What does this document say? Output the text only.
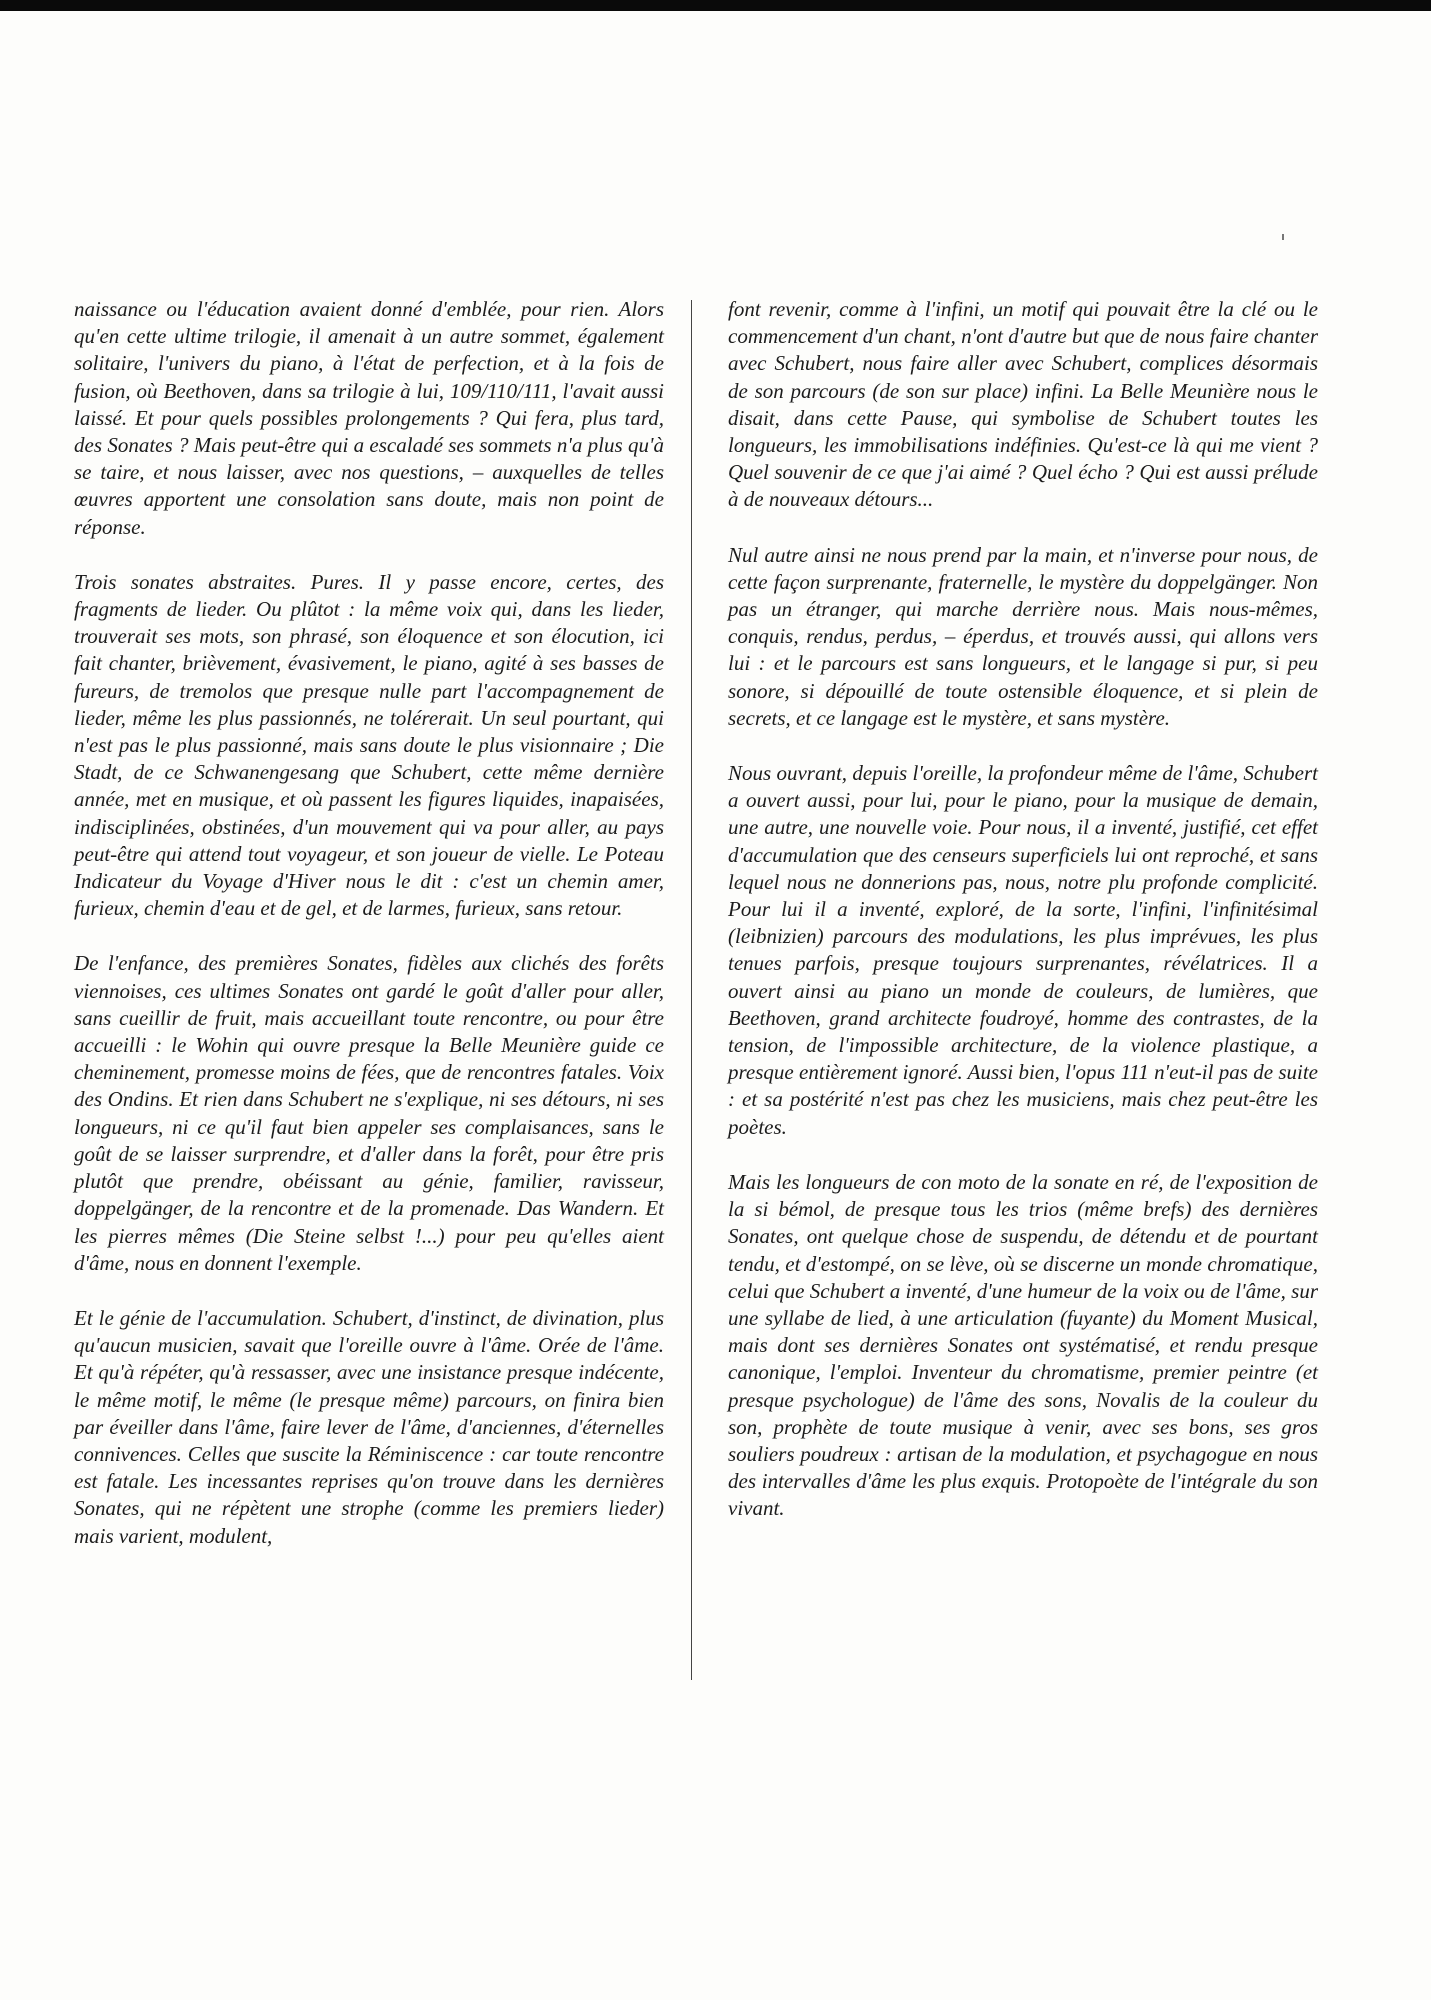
naissance ou l'éducation avaient donné d'emblée, pour rien. Alors qu'en cette ultime trilogie, il amenait à un autre sommet, également solitaire, l'univers du piano, à l'état de perfection, et à la fois de fusion, où Beethoven, dans sa trilogie à lui, 109/110/111, l'avait aussi laissé. Et pour quels possibles prolongements ? Qui fera, plus tard, des Sonates ? Mais peut-être qui a escaladé ses sommets n'a plus qu'à se taire, et nous laisser, avec nos questions, – auxquelles de telles œuvres apportent une consolation sans doute, mais non point de réponse.

Trois sonates abstraites. Pures. Il y passe encore, certes, des fragments de lieder. Ou plûtot : la même voix qui, dans les lieder, trouverait ses mots, son phrasé, son éloquence et son élocution, ici fait chanter, brièvement, évasivement, le piano, agité à ses basses de fureurs, de tremolos que presque nulle part l'accompagnement de lieder, même les plus passionnés, ne tolérerait. Un seul pourtant, qui n'est pas le plus passionné, mais sans doute le plus visionnaire ; Die Stadt, de ce Schwanengesang que Schubert, cette même dernière année, met en musique, et où passent les figures liquides, inapaisées, indisciplinées, obstinées, d'un mouvement qui va pour aller, au pays peut-être qui attend tout voyageur, et son joueur de vielle. Le Poteau Indicateur du Voyage d'Hiver nous le dit : c'est un chemin amer, furieux, chemin d'eau et de gel, et de larmes, furieux, sans retour.

De l'enfance, des premières Sonates, fidèles aux clichés des forêts viennoises, ces ultimes Sonates ont gardé le goût d'aller pour aller, sans cueillir de fruit, mais accueillant toute rencontre, ou pour être accueilli : le Wohin qui ouvre presque la Belle Meunière guide ce cheminement, promesse moins de fées, que de rencontres fatales. Voix des Ondins. Et rien dans Schubert ne s'explique, ni ses détours, ni ses longueurs, ni ce qu'il faut bien appeler ses complaisances, sans le goût de se laisser surprendre, et d'aller dans la forêt, pour être pris plutôt que prendre, obéissant au génie, familier, ravisseur, doppelgänger, de la rencontre et de la promenade. Das Wandern. Et les pierres mêmes (Die Steine selbst !...) pour peu qu'elles aient d'âme, nous en donnent l'exemple.

Et le génie de l'accumulation. Schubert, d'instinct, de divination, plus qu'aucun musicien, savait que l'oreille ouvre à l'âme. Orée de l'âme. Et qu'à répéter, qu'à ressasser, avec une insistance presque indécente, le même motif, le même (le presque même) parcours, on finira bien par éveiller dans l'âme, faire lever de l'âme, d'anciennes, d'éternelles connivences. Celles que suscite la Réminiscence : car toute rencontre est fatale. Les incessantes reprises qu'on trouve dans les dernières Sonates, qui ne répètent une strophe (comme les premiers lieder) mais varient, modulent,

font revenir, comme à l'infini, un motif qui pouvait être la clé ou le commencement d'un chant, n'ont d'autre but que de nous faire chanter avec Schubert, nous faire aller avec Schubert, complices désormais de son parcours (de son sur place) infini. La Belle Meunière nous le disait, dans cette Pause, qui symbolise de Schubert toutes les longueurs, les immobilisations indéfinies. Qu'est-ce là qui me vient ? Quel souvenir de ce que j'ai aimé ? Quel écho ? Qui est aussi prélude à de nouveaux détours...

Nul autre ainsi ne nous prend par la main, et n'inverse pour nous, de cette façon surprenante, fraternelle, le mystère du doppelgänger. Non pas un étranger, qui marche derrière nous. Mais nous-mêmes, conquis, rendus, perdus, – éperdus, et trouvés aussi, qui allons vers lui : et le parcours est sans longueurs, et le langage si pur, si peu sonore, si dépouillé de toute ostensible éloquence, et si plein de secrets, et ce langage est le mystère, et sans mystère.

Nous ouvrant, depuis l'oreille, la profondeur même de l'âme, Schubert a ouvert aussi, pour lui, pour le piano, pour la musique de demain, une autre, une nouvelle voie. Pour nous, il a inventé, justifié, cet effet d'accumulation que des censeurs superficiels lui ont reproché, et sans lequel nous ne donnerions pas, nous, notre plu profonde complicité. Pour lui il a inventé, exploré, de la sorte, l'infini, l'infinitésimal (leibnizien) parcours des modulations, les plus imprévues, les plus tenues parfois, presque toujours surprenantes, révélatrices. Il a ouvert ainsi au piano un monde de couleurs, de lumières, que Beethoven, grand architecte foudroyé, homme des contrastes, de la tension, de l'impossible architecture, de la violence plastique, a presque entièrement ignoré. Aussi bien, l'opus 111 n'eut-il pas de suite : et sa postérité n'est pas chez les musiciens, mais chez peut-être les poètes.

Mais les longueurs de con moto de la sonate en ré, de l'exposition de la si bémol, de presque tous les trios (même brefs) des dernières Sonates, ont quelque chose de suspendu, de détendu et de pourtant tendu, et d'estompé, on se lève, où se discerne un monde chromatique, celui que Schubert a inventé, d'une humeur de la voix ou de l'âme, sur une syllabe de lied, à une articulation (fuyante) du Moment Musical, mais dont ses dernières Sonates ont systématisé, et rendu presque canonique, l'emploi. Inventeur du chromatisme, premier peintre (et presque psychologue) de l'âme des sons, Novalis de la couleur du son, prophète de toute musique à venir, avec ses bons, ses gros souliers poudreux : artisan de la modulation, et psychagogue en nous des intervalles d'âme les plus exquis. Protopoète de l'intégrale du son vivant.
